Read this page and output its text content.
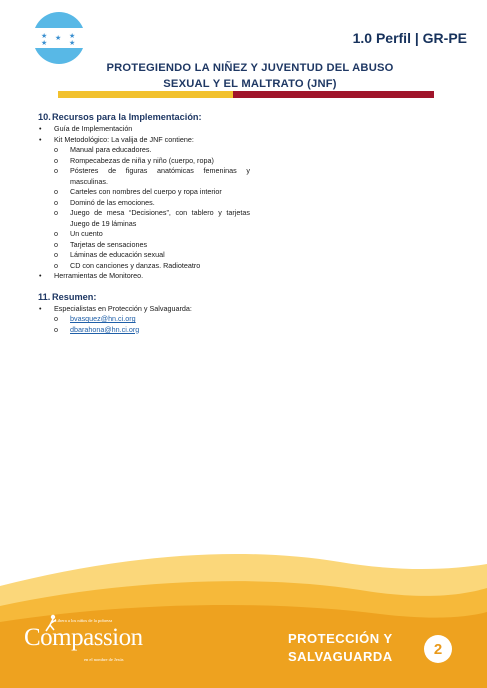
★	★
★
★	★	1.0 Perfil | GR-PE
PROTEGIENDO LA NIÑEZ Y JUVENTUD DEL ABUSO
SEXUAL Y EL MALTRATO (JNF)
10. Recursos para la Implementación:
• Guía de Implementación
• Kit Metodológico: La valija de JNF contiene:
o Manual para educadores.
o Rompecabezas de niña y niño (cuerpo, ropa)
o Pósteres de figuras anatómicas femeninas y masculinas.
o Carteles con nombres del cuerpo y ropa interior
o Dominó de las emociones.
o Juego de mesa “Decisiones”, con tablero y tarjetas Juego de 19 láminas
o Un cuento
o Tarjetas de sensaciones
o Láminas de educación sexual
o CD con canciones y danzas. Radioteatro
• Herramientas de Monitoreo.
11. Resumen:
• Especialistas en Protección y Salvaguarda:
o bvasquez@hn.ci.org
o dbarahona@hn.ci.org
Libera a los niños de la pobreza
Compassion
en el nombre de Jesús
PROTECCIÓN Y
SALVAGUARDA	2
